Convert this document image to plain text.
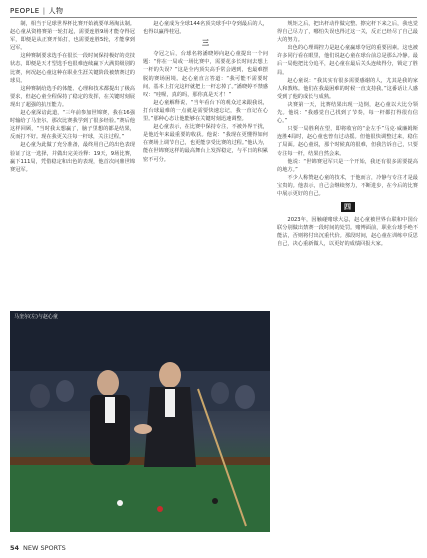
PEOPLE | 人物

制，相当于足球世界杯比赛开始就要单场淘汰制。赵心童从资格赛第一轮打起，需要连胜9场才能夺得冠军，即便是从正赛开始打，也需要连胜5轮，才能拿到冠军。

这种赛制要求选手在很长一段时间保持极好的竞技状态，即便是天才型选手也很难连续赢下大满贯级别的比赛，何况赵心童这种在职业生涯关键阶段被禁赛过的球员。

这种赛制给选手的体能、心理和技术都提出了极高要求，但赵心童全程保持了稳定的发挥，在关键时刻展现出了超强的抗压能力。

赵心童深谙此道，“三年前参加世锦赛，我在16强时输给了马奎尔。那次比赛我学到了很多经验。”赛后他这样回顾，“当时我太想赢了，脑子里想的都是结果，反而打不好。现在我更关注每一杆球，关注过程。”

赵心童为此做了充分准备，最终用自己的出色表现验证了这一选择，并做出完美诠释：19天，9场比赛，赢下111局，凭借稳定和出色的表现，他首次问鼎世锦赛冠军。

赵心童成为全球144名顶尖球手中夺到最后的人，也得以赢得桂冠。

三

夺冠之后，台球名将潘晓婷向赵心童提出一个问题：“你在一局或一场比赛中，需要花多长时间去想上一杆的失误？”这是全内顶尖高手常会遇到，也最难摆脱的赛场困境。赵心童直言答道：“我可能不需要时间，基本上打完这杆就把上一杆忘掉了。”潘晓婷不禁感叹：“哇喔，真的吗，那你真是天才！”

赵心童解释说，“当年看台下的观众过来跟我说，打台球最难的一点就是需要快速忘记，我一直记在心里。”那种心态让他能够在关键时刻迅速调整。

赵心童表示，在比赛中保持专注，不被外界干扰，是他近年来最重要的收获。他说：“我现在更懂得如何在赛场上调节自己，也更能享受比赛的过程。”他认为，能在世锦赛这样的最高舞台上发挥稳定，与平日的积累密不可分。

规矩之后，把出杆动作做完整。擦完杆下来之后，我也觉得自己尽力了，哪怕失误也得过这一关，反正已经尽了自己最大的努力。

出色的心理调控力是赵心童赢球夺冠的重要因素。这也被许多同行看在眼里，他们说赵心童在球台前总是那么冷静。最后一局他把比分追平，赵心童在最后关头连续得分，锁定了胜局。

赵心童说：“我其实有很多需要感谢的人，尤其是我的家人和教练。他们在我最困难的时候一直支持我。”这番话让人感受到了他的成长与成熟。

决赛第一天，比赛结果出现一边倒，赵心童以大比分领先。他说：“我感觉自己找到了节奏，每一杆都打得很有信心。”

只要一局胜利在望，即将收官的“金左手”马克·威廉姆斯连胜4局时，赵心童也曾有过动摇。但他很快调整过来，稳住了局面。赵心童说，那个时候真的很难，但我告诉自己，只要专注每一杆，结果自然会来。

他说：“世锦赛冠军只是一个开始，我还有很多需要提高的地方。”

不少人称赞赵心童的技术，于他而言，冷静与专注才是最宝贵的。他表示，自己会继续努力，不断进步，在今后的比赛中展示更好的自己。

四

2023年，因触碰赌球大忌，赵心童被世界台联和中国台联分别做出禁赛一段时间的处罚。赌博面前，职业台球手绝不能沾，否则将付出沉重代价。那段时间，赵心童在训练中反思自己，决心重新做人，以更好的成绩回报大家。

马奎尔(左)与赵心童
54 NEW SPORTS
